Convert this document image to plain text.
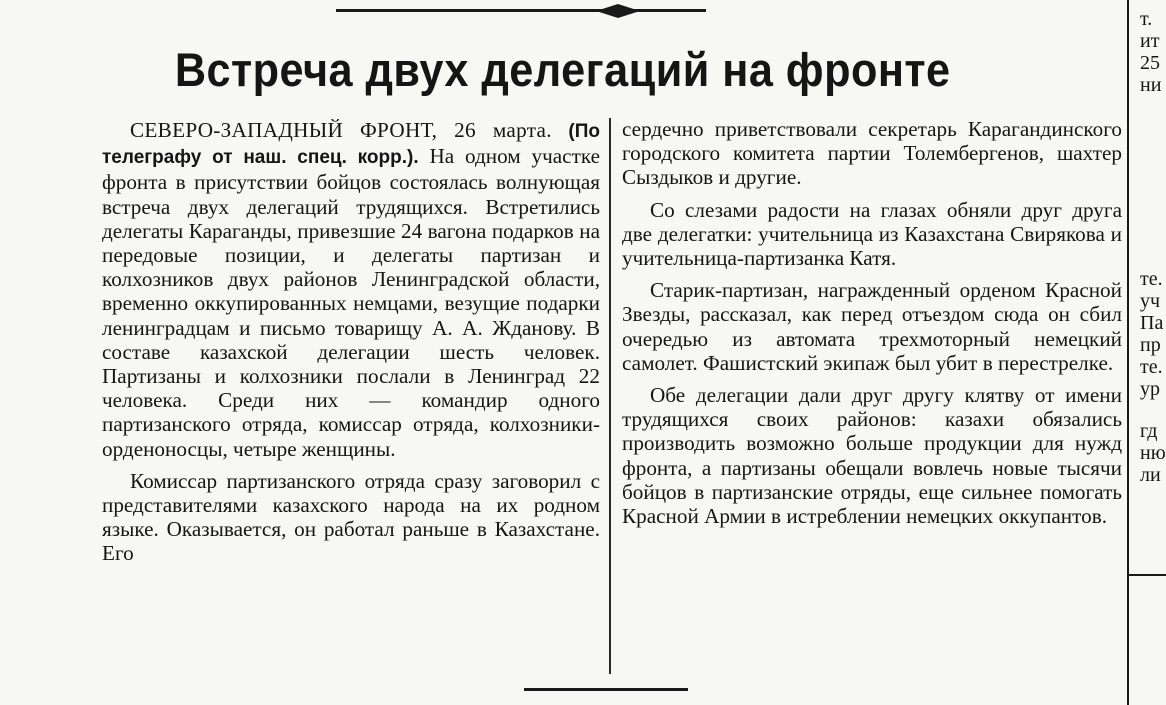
Встреча двух делегаций на фронте

СЕВЕРО-ЗАПАДНЫЙ ФРОНТ, 26 марта. (По телеграфу от наш. спец. корр.). На одном участке фронта в присутствии бойцов состоялась волнующая встреча двух делегаций трудящихся. Встретились делегаты Караганды, привезшие 24 вагона подарков на передовые позиции, и делегаты партизан и колхозников двух районов Ленинградской области, временно оккупированных немцами, везущие подарки ленинградцам и письмо товарищу А. А. Жданову. В составе казахской делегации шесть человек. Партизаны и колхозники послали в Ленинград 22 человека. Среди них — командир одного партизанского отряда, комиссар отряда, колхозники-орденоносцы, четыре женщины.

Комиссар партизанского отряда сразу заговорил с представителями казахского народа на их родном языке. Оказывается, он работал раньше в Казахстане. Его

сердечно приветствовали секретарь Карагандинского городского комитета партии Толембергенов, шахтер Сыздыков и другие.

Со слезами радости на глазах обняли друг друга две делегатки: учительница из Казахстана Свирякова и учительница-партизанка Катя.

Старик-партизан, награжденный орденом Красной Звезды, рассказал, как перед отъездом сюда он сбил очередью из автомата трехмоторный немецкий самолет. Фашистский экипаж был убит в перестрелке.

Обе делегации дали друг другу клятву от имени трудящихся своих районов: казахи обязались производить возможно больше продукции для нужд фронта, а партизаны обещали вовлечь новые тысячи бойцов в партизанские отряды, еще сильнее помогать Красной Армии в истреблении немецких оккупантов.

т.
ит
25
ни
те.
уч
Па
пр
те.
ур
гд
ню
ли
